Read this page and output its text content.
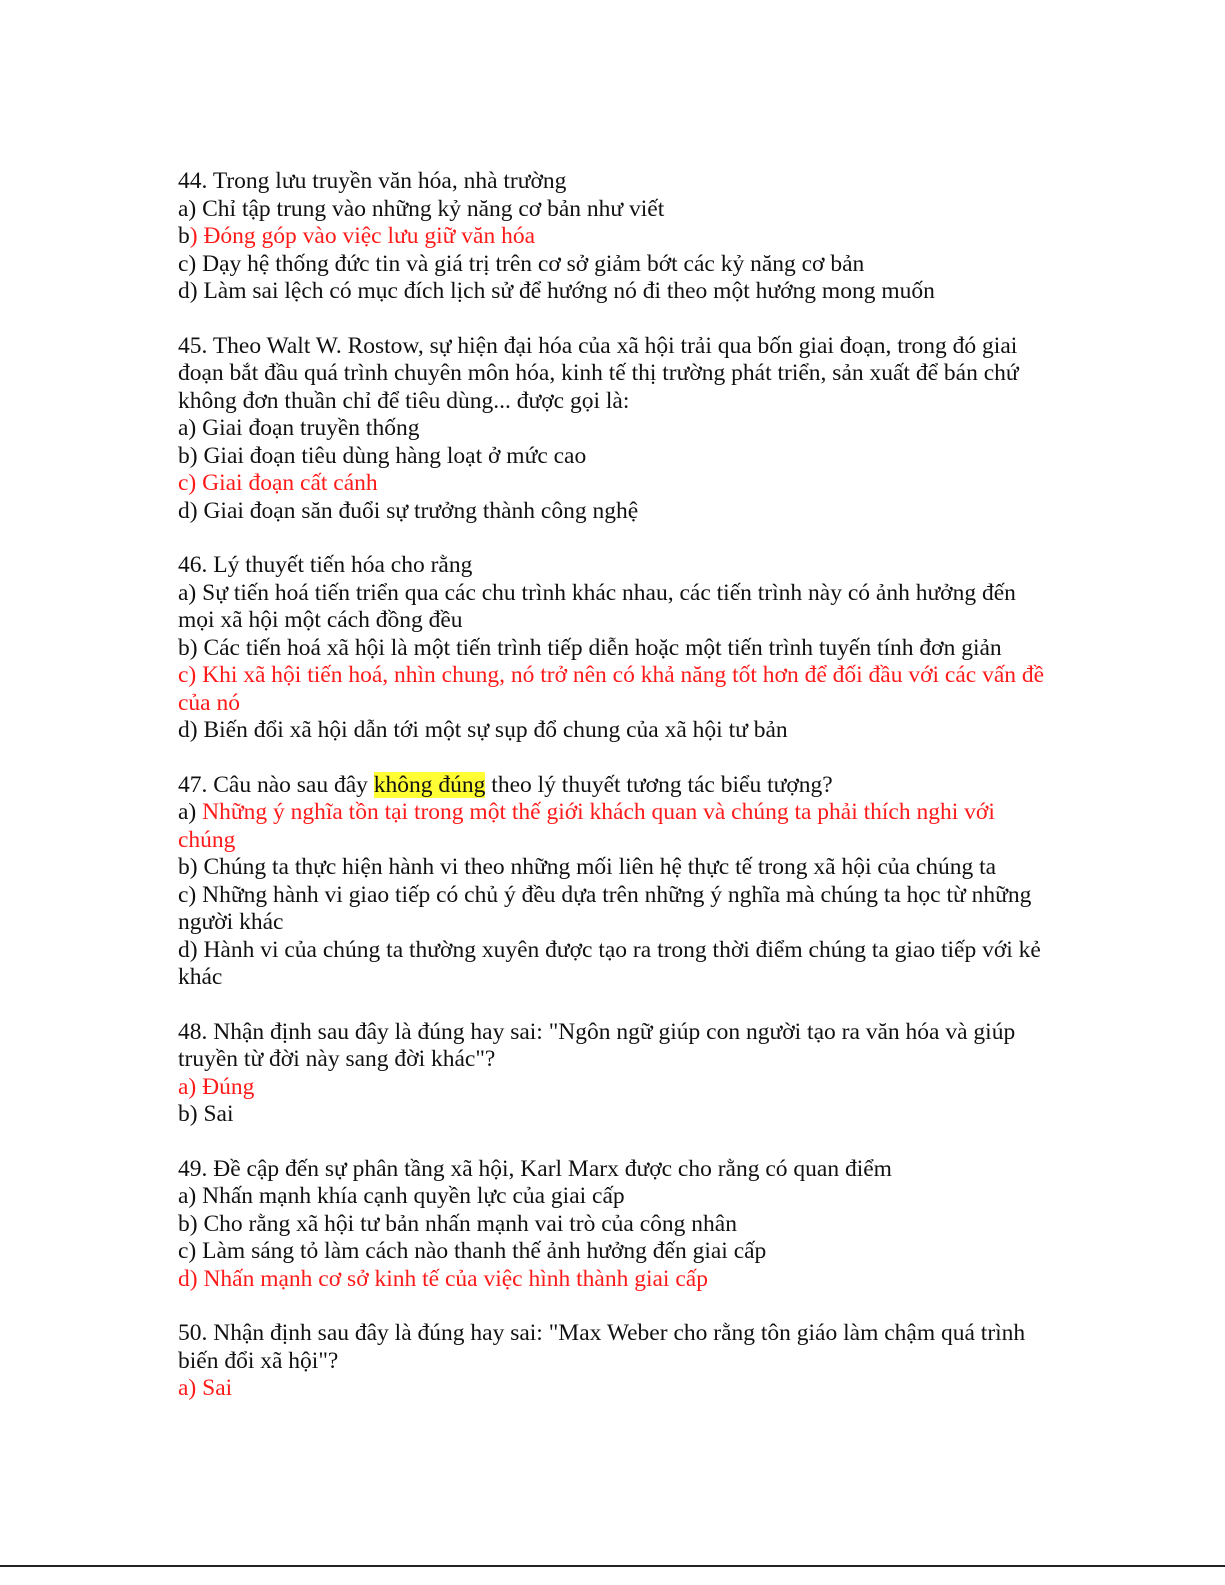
44. Trong lưu truyền văn hóa, nhà trường
a) Chỉ tập trung vào những kỷ năng cơ bản như viết
b) Đóng góp vào việc lưu giữ văn hóa
c) Dạy hệ thống đức tin và giá trị trên cơ sở giảm bớt các kỷ năng cơ bản
d) Làm sai lệch có mục đích lịch sử để hướng nó đi theo một hướng mong muốn
45. Theo Walt W. Rostow, sự hiện đại hóa của xã hội trải qua bốn giai đoạn, trong đó giai đoạn bắt đầu quá trình chuyên môn hóa, kinh tế thị trường phát triển, sản xuất để bán chứ không đơn thuần chỉ để tiêu dùng... được gọi là:
a) Giai đoạn truyền thống
b) Giai đoạn tiêu dùng hàng loạt ở mức cao
c) Giai đoạn cất cánh
d) Giai đoạn săn đuổi sự trưởng thành công nghệ
46. Lý thuyết tiến hóa cho rằng
a) Sự tiến hoá tiến triển qua các chu trình khác nhau, các tiến trình này có ảnh hưởng đến mọi xã hội một cách đồng đều
b) Các tiến hoá xã hội là một tiến trình tiếp diễn hoặc một tiến trình tuyến tính đơn giản
c) Khi xã hội tiến hoá, nhìn chung, nó trở nên có khả năng tốt hơn để đối đầu với các vấn đề của nó
d) Biến đổi xã hội dẫn tới một sự sụp đổ chung của xã hội tư bản
47. Câu nào sau đây không đúng theo lý thuyết tương tác biểu tượng?
a) Những ý nghĩa tồn tại trong một thế giới khách quan và chúng ta phải thích nghi với chúng
b) Chúng ta thực hiện hành vi theo những mối liên hệ thực tế trong xã hội của chúng ta
c) Những hành vi giao tiếp có chủ ý đều dựa trên những ý nghĩa mà chúng ta học từ những người khác
d) Hành vi của chúng ta thường xuyên được tạo ra trong thời điểm chúng ta giao tiếp với kẻ khác
48. Nhận định sau đây là đúng hay sai: "Ngôn ngữ giúp con người tạo ra văn hóa và giúp truyền từ đời này sang đời khác"?
a) Đúng
b) Sai
49. Đề cập đến sự phân tầng xã hội, Karl Marx được cho rằng có quan điểm
a) Nhấn mạnh khía cạnh quyền lực của giai cấp
b) Cho rằng xã hội tư bản nhấn mạnh vai trò của công nhân
c) Làm sáng tỏ làm cách nào thanh thế ảnh hưởng đến giai cấp
d) Nhấn mạnh cơ sở kinh tế của việc hình thành giai cấp
50. Nhận định sau đây là đúng hay sai: "Max Weber cho rằng tôn giáo làm chậm quá trình biến đổi xã hội"?
a) Sai
